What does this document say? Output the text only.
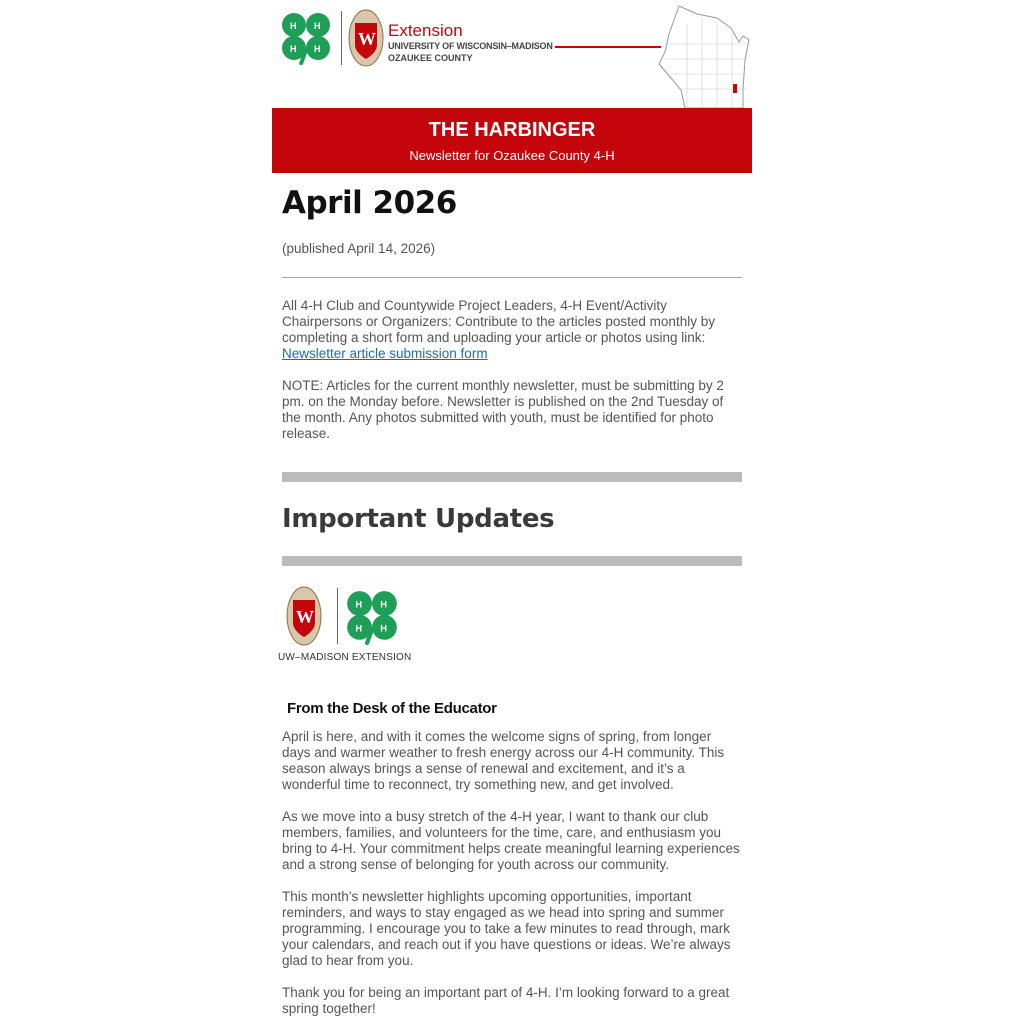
H H
H H W Extension
UNIVERSITY OF WISCONSIN–MADISON
OZAUKEE COUNTY
THE HARBINGER
Newsletter for Ozaukee County 4-H
April 2026

(published April 14, 2026)

All 4-H Club and Countywide Project Leaders, 4-H Event/Activity Chairpersons or Organizers: Contribute to the articles posted monthly by completing a short form and uploading your article or photos using link:

Newsletter article submission form

NOTE: Articles for the current monthly newsletter, must be submitting by 2 pm. on the Monday before. Newsletter is published on the 2nd Tuesday of the month. Any photos submitted with youth, must be identified for photo release.

Important Updates
W
H H
H H
UW–MADISON EXTENSION
From the Desk of the Educator

April is here, and with it comes the welcome signs of spring, from longer days and warmer weather to fresh energy across our 4-H community. This season always brings a sense of renewal and excitement, and it’s a wonderful time to reconnect, try something new, and get involved.

As we move into a busy stretch of the 4-H year, I want to thank our club members, families, and volunteers for the time, care, and enthusiasm you bring to 4-H. Your commitment helps create meaningful learning experiences and a strong sense of belonging for youth across our community.

This month’s newsletter highlights upcoming opportunities, important reminders, and ways to stay engaged as we head into spring and summer programming. I encourage you to take a few minutes to read through, mark your calendars, and reach out if you have questions or ideas. We’re always glad to hear from you.

Thank you for being an important part of 4-H. I’m looking forward to a great spring together!
